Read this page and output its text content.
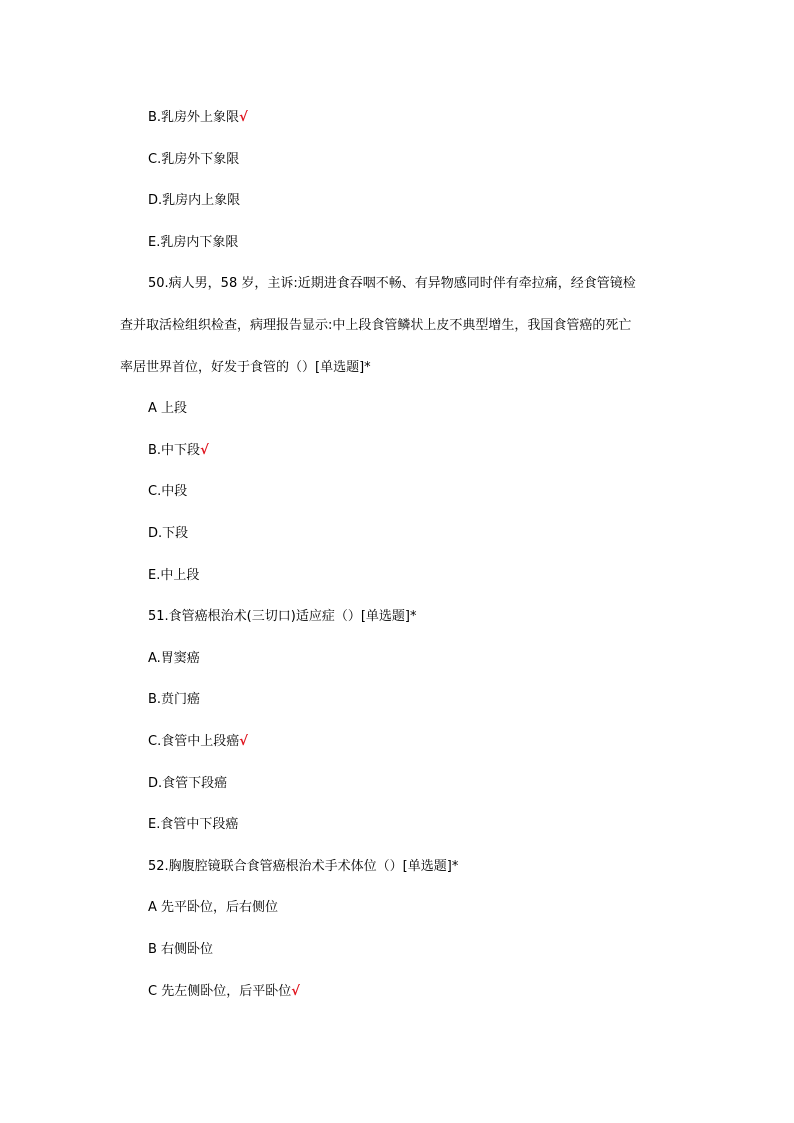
B.乳房外上象限√
C.乳房外下象限
D.乳房内上象限
E.乳房内下象限
50.病人男，58 岁，主诉:近期进食吞咽不畅、有异物感同时伴有牵拉痛，经食管镜检
查并取活检组织检查，病理报告显示:中上段食管鳞状上皮不典型增生，我国食管癌的死亡
率居世界首位，好发于食管的（）[单选题]*
A 上段
B.中下段√
C.中段
D.下段
E.中上段
51.食管癌根治术(三切口)适应症（）[单选题]*
A.胃窦癌
B.贲门癌
C.食管中上段癌√
D.食管下段癌
E.食管中下段癌
52.胸腹腔镜联合食管癌根治术手术体位（）[单选题]*
A 先平卧位，后右侧位
B 右侧卧位
C 先左侧卧位，后平卧位√
